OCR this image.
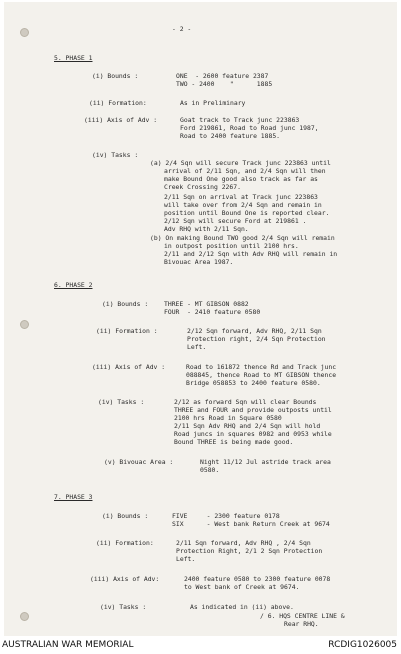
- 2 -
5. PHASE 1
(i) Bounds :	ONE  - 2600 feature 2387
TWO - 2400    "      1885
(ii) Formation:	As in Preliminary
(iii) Axis of Adv :	Goat track to Track junc 223863
Ford 219861, Road to Road junc 1987,
Road to 2400 feature 1885.
(iv) Tasks :
(a) 2/4 Sqn will secure Track junc 223863 until
arrival of 2/11 Sqn, and 2/4 Sqn will then
make Bound One good also track as far as
Creek Crossing 2267.
2/11 Sqn on arrival at Track junc 223863
will take over from 2/4 Sqn and remain in
position until Bound One is reported clear.
2/12 Sqn will secure Ford at 219861 .
Adv RHQ with 2/11 Sqn.
(b) On making Bound TWO good 2/4 Sqn will remain
in outpost position until 2100 hrs.
2/11 and 2/12 Sqn with Adv RHQ will remain in
Bivouac Area 1987.
6. PHASE 2
(i) Bounds : THREE - MT GIBSON 0882
FOUR  - 2410 feature 0580
(ii) Formation :	2/12 Sqn forward, Adv RHQ, 2/11 Sqn
Protection right, 2/4 Sqn Protection
Left.
(iii) Axis of Adv :	Road to 161872 thence Rd and Track junc
088845, thence Road to MT GIBSON thence
Bridge 058853 to 2400 feature 0580.
(iv) Tasks :	2/12 as forward Sqn will clear Bounds
THREE and FOUR and provide outposts until
2100 hrs Road in Square 0580
2/11 Sqn Adv RHQ and 2/4 Sqn will hold
Road juncs in squares 0982 and 0953 while
Bound THREE is being made good.
(v) Bivouac Area :	Night 11/12 Jul astride track area
0580.
7. PHASE 3
(i) Bounds :	FIVE     - 2300 feature 0178
SIX      - West bank Return Creek at 9674
(ii) Formation:	2/11 Sqn forward, Adv RHQ , 2/4 Sqn
Protection Right, 2/1 2 Sqn Protection
Left.
(iii) Axis of Adv:	2400 feature 0580 to 2300 feature 0078
to West bank of Creek at 9674.
(iv) Tasks :	As indicated in (ii) above.
/ 6. HQS CENTRE LINE &
Rear RHQ.
AUSTRALIAN WAR MEMORIAL	RCDIG1026005
